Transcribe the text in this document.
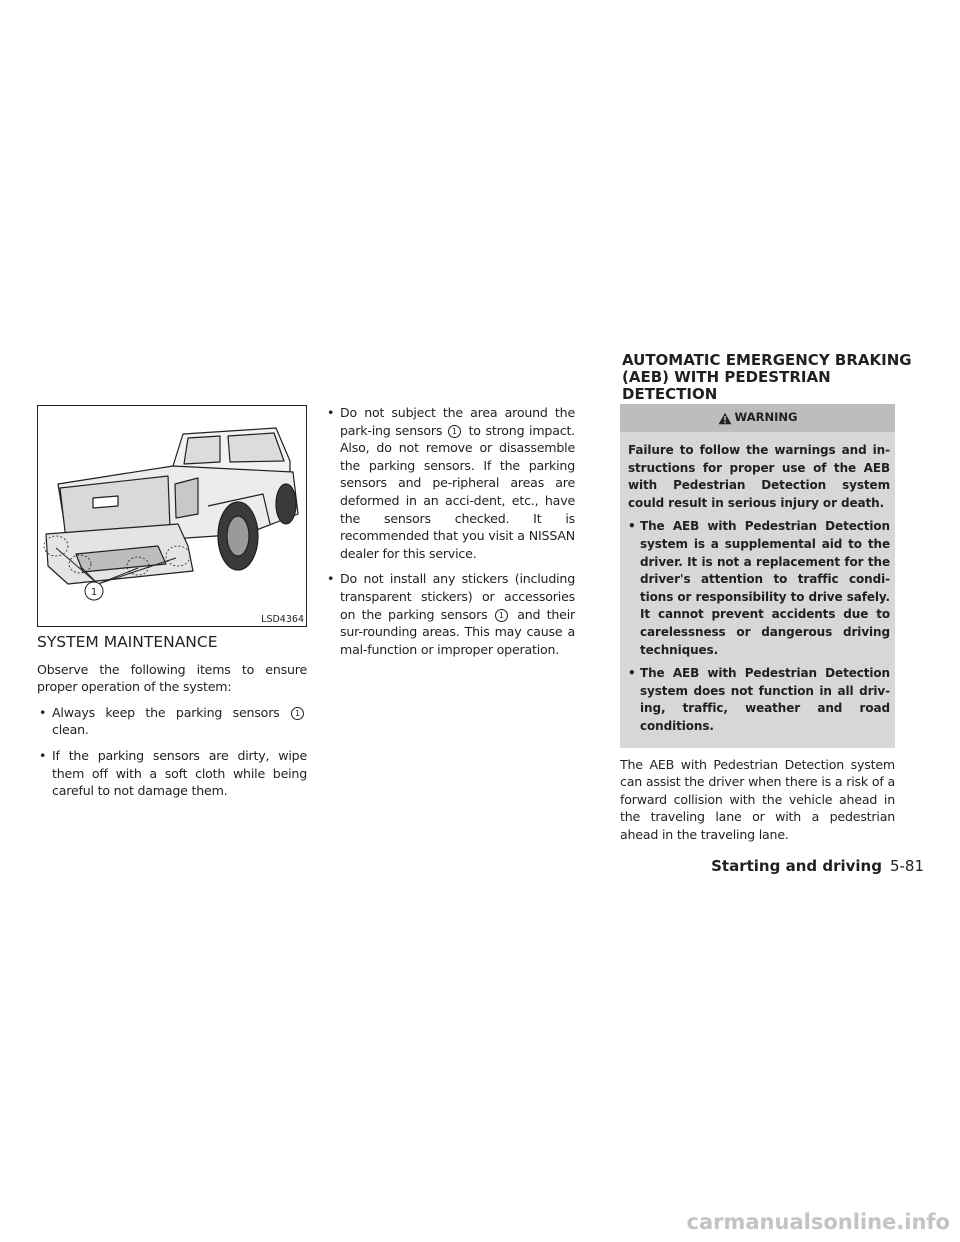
1
LSD4364
SYSTEM MAINTENANCE

Observe the following items to ensure proper operation of the system:

• Always keep the parking sensors 1 clean.
• If the parking sensors are dirty, wipe them off with a soft cloth while being careful to not damage them.
• Do not subject the area around the park-ing sensors 1 to strong impact. Also, do not remove or disassemble the parking sensors. If the parking sensors and pe-ripheral areas are deformed in an acci-dent, etc., have the sensors checked. It is recommended that you visit a NISSAN dealer for this service.
• Do not install any stickers (including transparent stickers) or accessories on the parking sensors 1 and their sur-rounding areas. This may cause a mal-function or improper operation.
AUTOMATIC EMERGENCY BRAKING
(AEB) WITH PEDESTRIAN DETECTION
WARNING

Failure to follow the warnings and in-structions for proper use of the AEB with Pedestrian Detection system could result in serious injury or death.

• The AEB with Pedestrian Detection system is a supplemental aid to the driver. It is not a replacement for the driver's attention to traffic condi-tions or responsibility to drive safely. It cannot prevent accidents due to carelessness or dangerous driving techniques.
• The AEB with Pedestrian Detection system does not function in all driv-ing, traffic, weather and road conditions.

The AEB with Pedestrian Detection system can assist the driver when there is a risk of a forward collision with the vehicle ahead in the traveling lane or with a pedestrian ahead in the traveling lane.

Starting and driving 5-81
carmanualsonline.info
